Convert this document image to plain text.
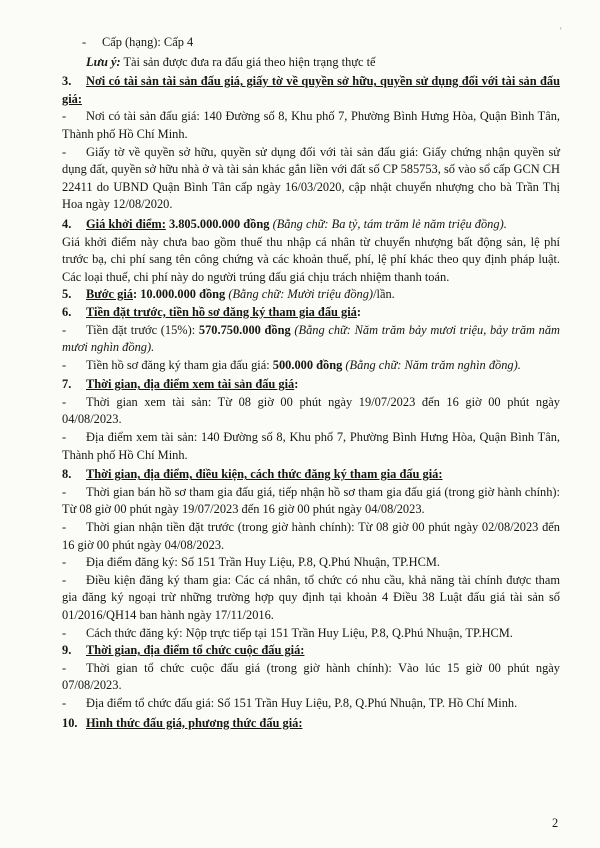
- Cấp (hạng): Cấp 4

Lưu ý: Tài sản được đưa ra đấu giá theo hiện trạng thực tế

3. Nơi có tài sản tài sản đấu giá, giấy tờ về quyền sở hữu, quyền sử dụng đối với tài sản đấu giá:

- Nơi có tài sản đấu giá: 140 Đường số 8, Khu phố 7, Phường Bình Hưng Hòa, Quận Bình Tân, Thành phố Hồ Chí Minh.

- Giấy tờ về quyền sở hữu, quyền sử dụng đối với tài sản đấu giá: Giấy chứng nhận quyền sử dụng đất, quyền sở hữu nhà ở và tài sản khác gắn liền với đất số CP 585753, số vào sổ cấp GCN CH 22411 do UBND Quận Bình Tân cấp ngày 16/03/2020, cập nhật chuyển nhượng cho bà Trần Thị Hoa ngày 12/08/2020.

4. Giá khởi điểm: 3.805.000.000 đồng (Bằng chữ: Ba tỷ, tám trăm lẻ năm triệu đồng).

Giá khởi điểm này chưa bao gồm thuế thu nhập cá nhân từ chuyển nhượng bất động sản, lệ phí trước bạ, chi phí sang tên công chứng và các khoản thuế, phí, lệ phí khác theo quy định pháp luật. Các loại thuế, chi phí này do người trúng đấu giá chịu trách nhiệm thanh toán.

5. Bước giá: 10.000.000 đồng (Bằng chữ: Mười triệu đồng)/lần.

6. Tiền đặt trước, tiền hồ sơ đăng ký tham gia đấu giá:

- Tiền đặt trước (15%): 570.750.000 đồng (Bằng chữ: Năm trăm bảy mươi triệu, bảy trăm năm mươi nghìn đồng).

- Tiền hồ sơ đăng ký tham gia đấu giá: 500.000 đồng (Bằng chữ: Năm trăm nghìn đồng).

7. Thời gian, địa điểm xem tài sản đấu giá:

- Thời gian xem tài sản: Từ 08 giờ 00 phút ngày 19/07/2023 đến 16 giờ 00 phút ngày 04/08/2023.

- Địa điểm xem tài sản: 140 Đường số 8, Khu phố 7, Phường Bình Hưng Hòa, Quận Bình Tân, Thành phố Hồ Chí Minh.

8. Thời gian, địa điểm, điều kiện, cách thức đăng ký tham gia đấu giá:

- Thời gian bán hồ sơ tham gia đấu giá, tiếp nhận hồ sơ tham gia đấu giá (trong giờ hành chính): Từ 08 giờ 00 phút ngày 19/07/2023 đến 16 giờ 00 phút ngày 04/08/2023.

- Thời gian nhận tiền đặt trước (trong giờ hành chính): Từ 08 giờ 00 phút ngày 02/08/2023 đến 16 giờ 00 phút ngày 04/08/2023.

- Địa điểm đăng ký: Số 151 Trần Huy Liệu, P.8, Q.Phú Nhuận, TP.HCM.

- Điều kiện đăng ký tham gia: Các cá nhân, tổ chức có nhu cầu, khả năng tài chính được tham gia đăng ký ngoại trừ những trường hợp quy định tại khoản 4 Điều 38 Luật đấu giá tài sản số 01/2016/QH14 ban hành ngày 17/11/2016.

- Cách thức đăng ký: Nộp trực tiếp tại 151 Trần Huy Liệu, P.8, Q.Phú Nhuận, TP.HCM.

9. Thời gian, địa điểm tổ chức cuộc đấu giá:

- Thời gian tổ chức cuộc đấu giá (trong giờ hành chính): Vào lúc 15 giờ 00 phút ngày 07/08/2023.

- Địa điểm tổ chức đấu giá: Số 151 Trần Huy Liệu, P.8, Q.Phú Nhuận, TP. Hồ Chí Minh.

10. Hình thức đấu giá, phương thức đấu giá:

2
'
